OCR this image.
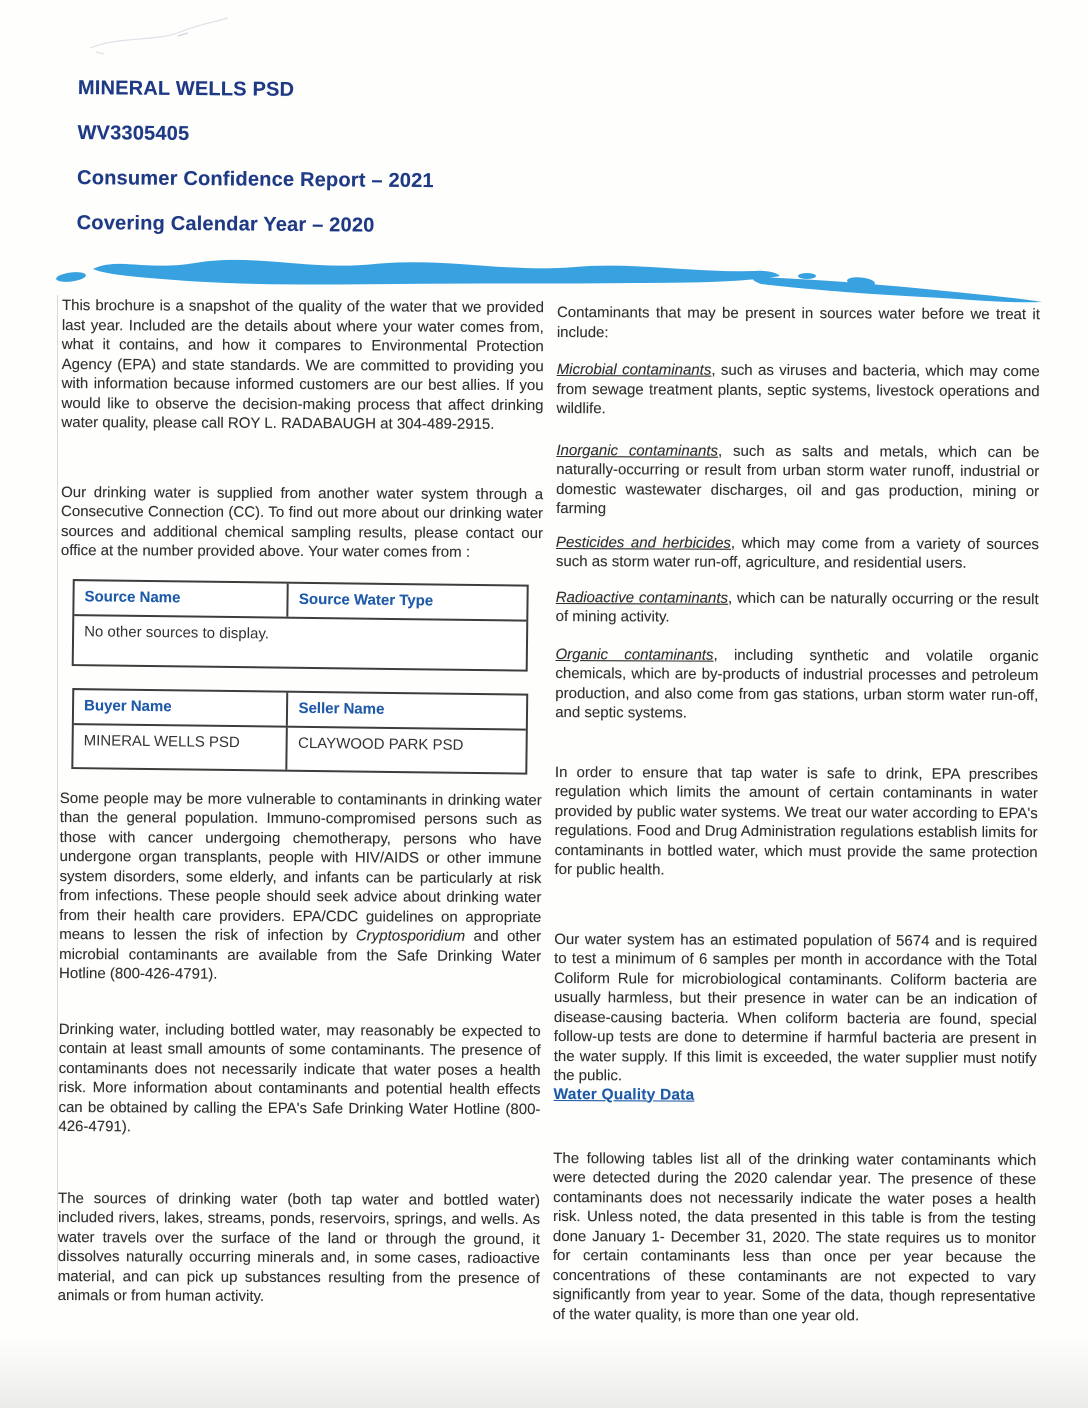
MINERAL WELLS PSD
WV3305405
Consumer Confidence Report – 2021
Covering Calendar Year – 2020

This brochure is a snapshot of the quality of the water that we provided last year. Included are the details about where your water comes from, what it contains, and how it compares to Environmental Protection Agency (EPA) and state standards. We are committed to providing you with information because informed customers are our best allies. If you would like to observe the decision-making process that affect drinking water quality, please call ROY L. RADABAUGH at 304-489-2915.

Our drinking water is supplied from another water system through a Consecutive Connection (CC). To find out more about our drinking water sources and additional chemical sampling results, please contact our office at the number provided above. Your water comes from :

Source Name	Source Water Type
No other sources to display.
Buyer Name	Seller Name
MINERAL WELLS PSD	CLAYWOOD PARK PSD

Some people may be more vulnerable to contaminants in drinking water than the general population. Immuno-compromised persons such as those with cancer undergoing chemotherapy, persons who have undergone organ transplants, people with HIV/AIDS or other immune system disorders, some elderly, and infants can be particularly at risk from infections. These people should seek advice about drinking water from their health care providers. EPA/CDC guidelines on appropriate means to lessen the risk of infection by Cryptosporidium and other microbial contaminants are available from the Safe Drinking Water Hotline (800-426-4791).

Drinking water, including bottled water, may reasonably be expected to contain at least small amounts of some contaminants. The presence of contaminants does not necessarily indicate that water poses a health risk. More information about contaminants and potential health effects can be obtained by calling the EPA's Safe Drinking Water Hotline (800-426-4791).

The sources of drinking water (both tap water and bottled water) included rivers, lakes, streams, ponds, reservoirs, springs, and wells. As water travels over the surface of the land or through the ground, it dissolves naturally occurring minerals and, in some cases, radioactive material, and can pick up substances resulting from the presence of animals or from human activity.

Contaminants that may be present in sources water before we treat it include:

Microbial contaminants, such as viruses and bacteria, which may come from sewage treatment plants, septic systems, livestock operations and wildlife.

Inorganic contaminants, such as salts and metals, which can be naturally-occurring or result from urban storm water runoff, industrial or domestic wastewater discharges, oil and gas production, mining or farming

Pesticides and herbicides, which may come from a variety of sources such as storm water run-off, agriculture, and residential users.

Radioactive contaminants, which can be naturally occurring or the result of mining activity.

Organic contaminants, including synthetic and volatile organic chemicals, which are by-products of industrial processes and petroleum production, and also come from gas stations, urban storm water run-off, and septic systems.

In order to ensure that tap water is safe to drink, EPA prescribes regulation which limits the amount of certain contaminants in water provided by public water systems. We treat our water according to EPA's regulations. Food and Drug Administration regulations establish limits for contaminants in bottled water, which must provide the same protection for public health.

Our water system has an estimated population of 5674 and is required to test a minimum of 6 samples per month in accordance with the Total Coliform Rule for microbiological contaminants. Coliform bacteria are usually harmless, but their presence in water can be an indication of disease-causing bacteria. When coliform bacteria are found, special follow-up tests are done to determine if harmful bacteria are present in the water supply. If this limit is exceeded, the water supplier must notify the public.

Water Quality Data

The following tables list all of the drinking water contaminants which were detected during the 2020 calendar year. The presence of these contaminants does not necessarily indicate the water poses a health risk. Unless noted, the data presented in this table is from the testing done January 1- December 31, 2020. The state requires us to monitor for certain contaminants less than once per year because the concentrations of these contaminants are not expected to vary significantly from year to year. Some of the data, though representative of the water quality, is more than one year old.
